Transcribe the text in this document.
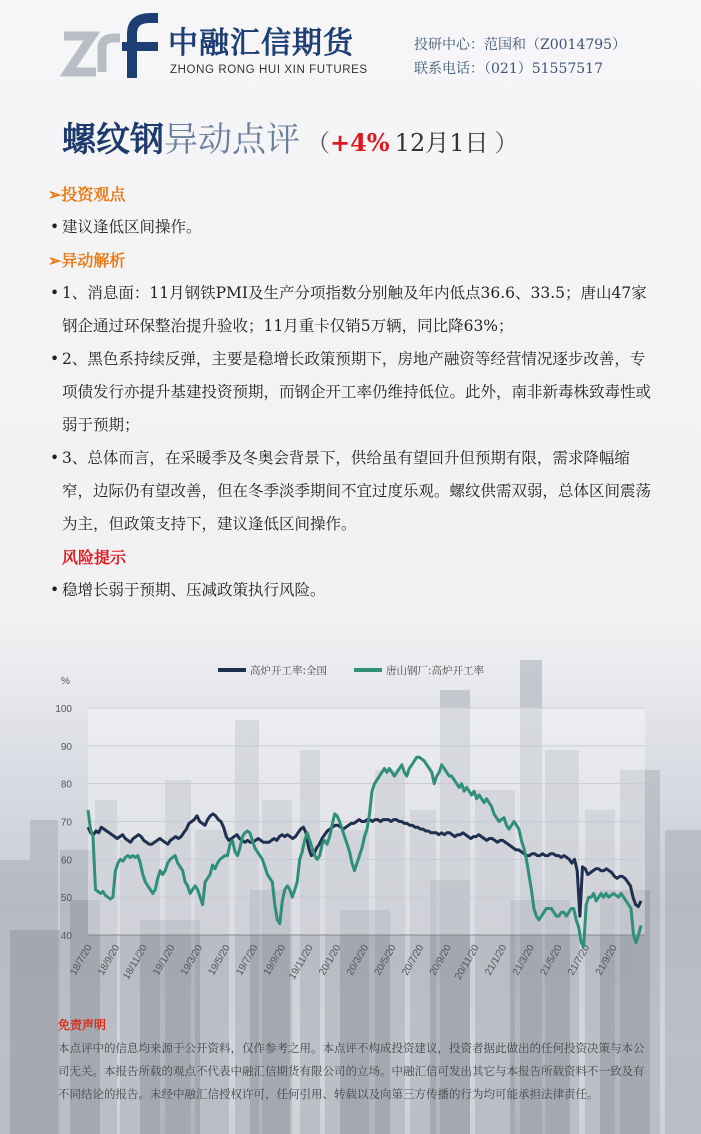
中融汇信期货
ZHONG RONG HUI XIN FUTURES
投研中心：范国和（Z0014795）
联系电话：（021）51557517
螺纹钢异动点评 （+4% 12月1日 ）
➢投资观点
• 建议逢低区间操作。
➢异动解析
• 1、消息面：11月钢铁PMI及生产分项指数分别触及年内低点36.6、33.5；唐山47家钢企通过环保整治提升验收；11月重卡仅销5万辆，同比降63%；
• 2、黑色系持续反弹，主要是稳增长政策预期下，房地产融资等经营情况逐步改善，专项债发行亦提升基建投资预期，而钢企开工率仍维持低位。此外，南非新毒株致毒性或弱于预期；
• 3、总体而言，在采暖季及冬奥会背景下，供给虽有望回升但预期有限，需求降幅缩窄，边际仍有望改善，但在冬季淡季期间不宜过度乐观。螺纹供需双弱，总体区间震荡为主，但政策支持下，建议逢低区间操作。
风险提示
• 稳增长弱于预期、压减政策执行风险。
40
50
60
70
80
90
100
%
18/7/20 18/9/20 18/11/20 19/1/20 19/3/20 19/5/20 19/7/20 19/9/20 19/11/20 20/1/20 20/3/20 20/5/20 20/7/20 20/9/20 20/11/20 21/1/20 21/3/20 21/5/20 21/7/20 21/9/20
高炉开工率:全国	唐山钢厂:高炉开工率
免责声明
本点评中的信息均来源于公开资料，仅作参考之用。本点评不构成投资建议，投资者据此做出的任何投资决策与本公司无关。本报告所载的观点不代表中融汇信期货有限公司的立场。中融汇信可发出其它与本报告所载资料不一致及有不同结论的报告。未经中融汇信授权许可，任何引用、转载以及向第三方传播的行为均可能承担法律责任。
